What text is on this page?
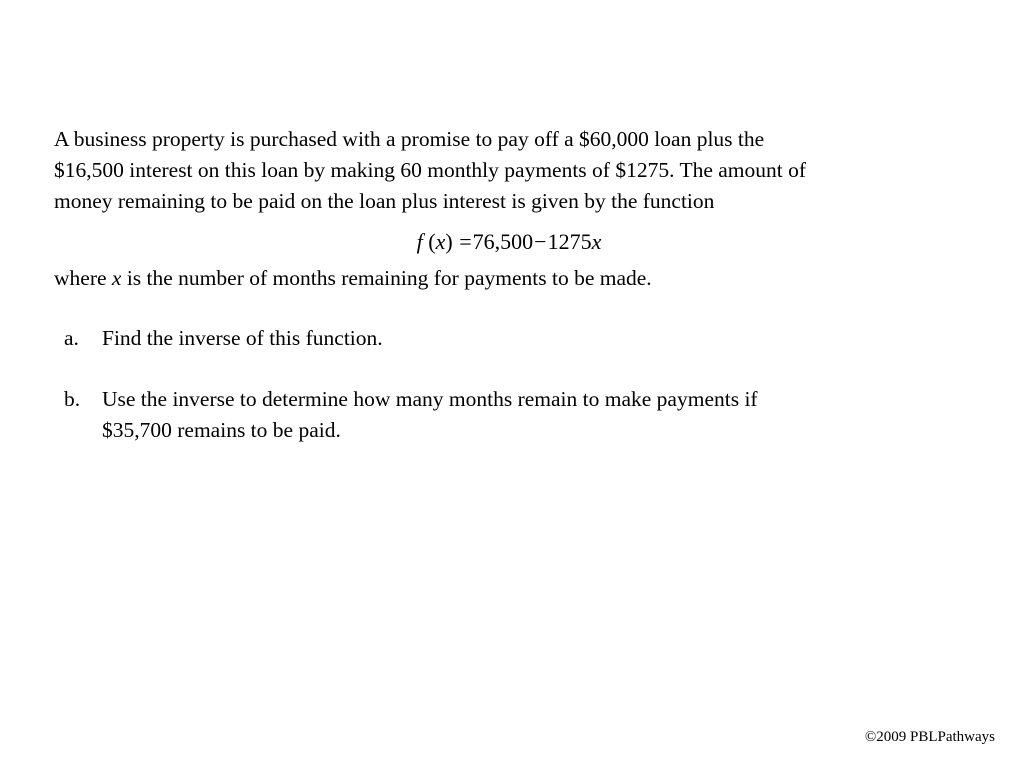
A business property is purchased with a promise to pay off a $60,000 loan plus the

$16,500 interest on this loan by making 60 monthly payments of $1275. The amount of

money remaining to be paid on the loan plus interest is given by the function

f (x) =76,500−1275x

where x is the number of months remaining for payments to be made.

a. Find the inverse of this function.
b. Use the inverse to determine how many months remain to make payments if
$35,700 remains to be paid.
©2009 PBLPathways
